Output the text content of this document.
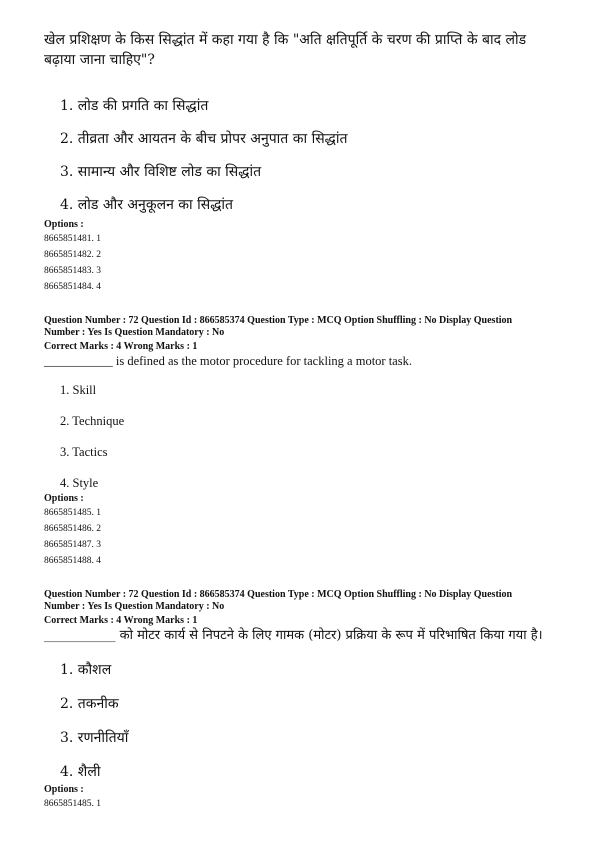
खेल प्रशिक्षण के किस सिद्धांत में कहा गया है कि "अति क्षतिपूर्ति के चरण की प्राप्ति के बाद लोड बढ़ाया जाना चाहिए"?

1. लोड की प्रगति का सिद्धांत

2. तीव्रता और आयतन के बीच प्रोपर अनुपात का सिद्धांत

3. सामान्य और विशिष्ट लोड का सिद्धांत

4. लोड और अनुकूलन का सिद्धांत

Options :

8665851481. 1

8665851482. 2

8665851483. 3

8665851484. 4

Question Number : 72 Question Id : 866585374 Question Type : MCQ Option Shuffling : No Display Question

Number : Yes Is Question Mandatory : No

Correct Marks : 4 Wrong Marks : 1

___________ is defined as the motor procedure for tackling a motor task.

1. Skill

2. Technique

3. Tactics

4. Style

Options :

8665851485. 1

8665851486. 2

8665851487. 3

8665851488. 4

Question Number : 72 Question Id : 866585374 Question Type : MCQ Option Shuffling : No Display Question

Number : Yes Is Question Mandatory : No

Correct Marks : 4 Wrong Marks : 1

___________ को मोटर कार्य से निपटने के लिए गामक (मोटर) प्रक्रिया के रूप में परिभाषित किया गया है।

1. कौशल

2. तकनीक

3. रणनीतियाँ

4. शैली

Options :

8665851485. 1
